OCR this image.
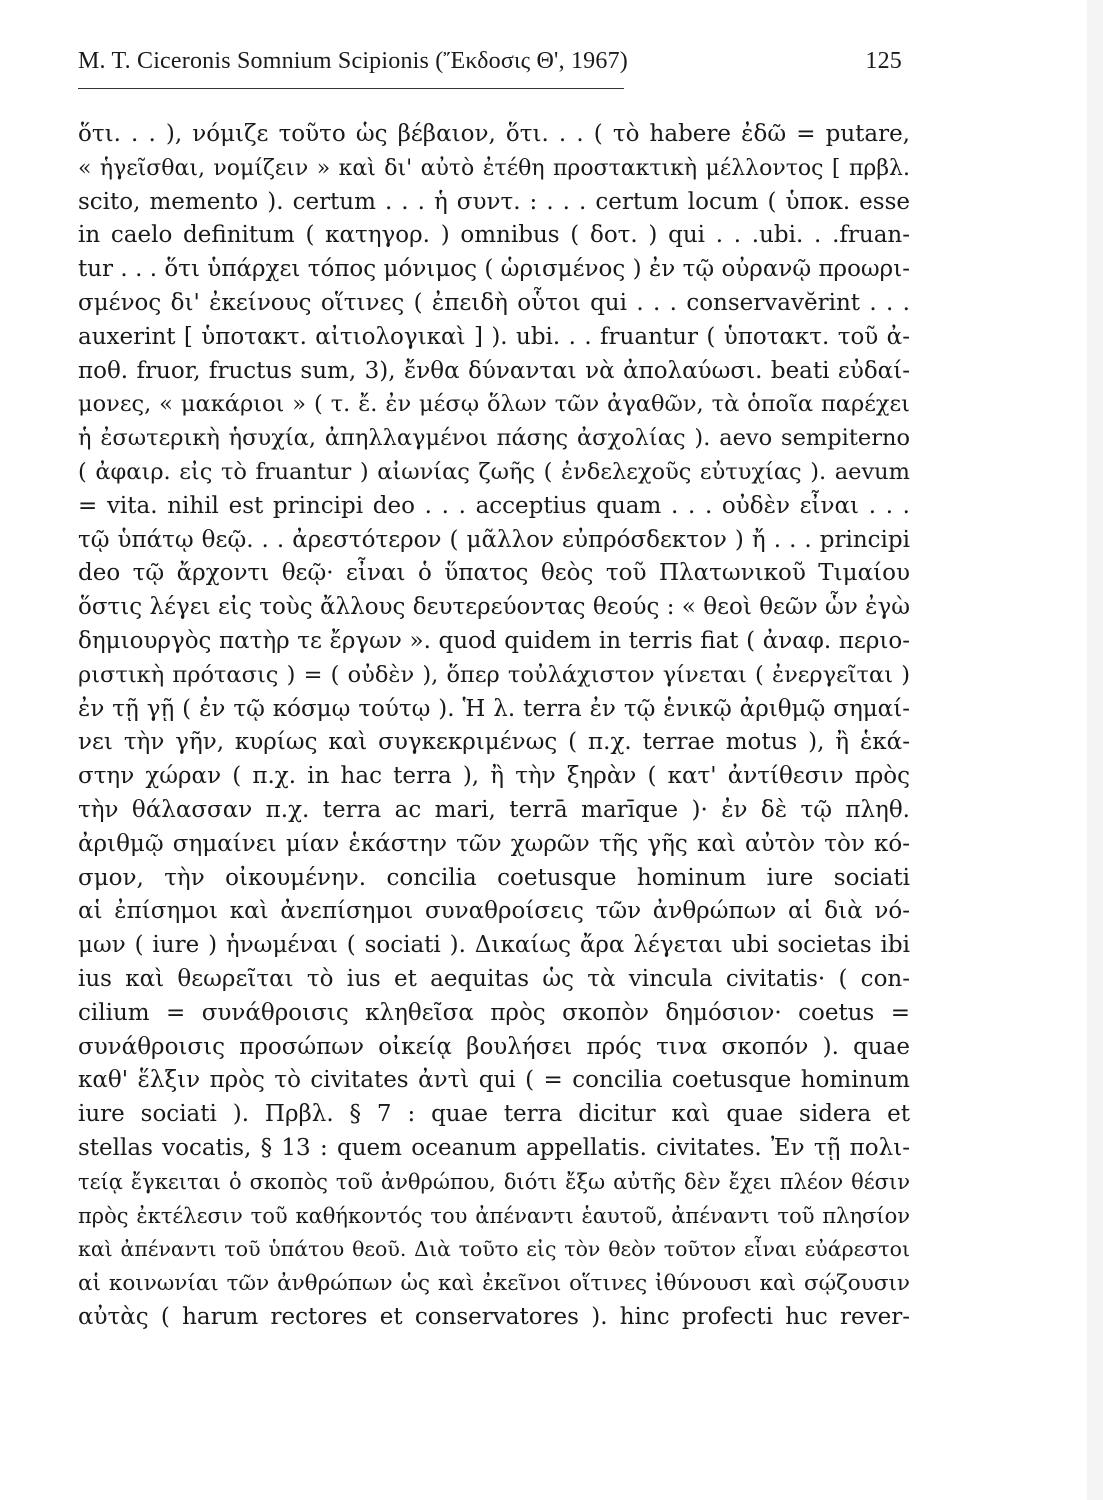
M. T. Ciceronis Somnium Scipionis (Ἔκδοσις Θ', 1967)	125
ὅτι. . . ), νόμιζε τοῦτο ὡς βέβαιον, ὅτι. . . ( τὸ habere ἐδῶ = putare,
« ἡγεῖσθαι, νομίζειν » καὶ δι' αὐτὸ ἐτέθη προστακτικὴ μέλλοντος [ πρβλ.
scito, memento ). certum . . . ἡ συντ. : . . . certum locum ( ὑποκ. esse
in caelo definitum ( κατηγορ. ) omnibus ( δοτ. ) qui . . .ubi. . .fruan-
tur . . . ὅτι ὑπάρχει τόπος μόνιμος ( ὡρισμένος ) ἐν τῷ οὐρανῷ προωρι-
σμένος δι' ἐκείνους οἵτινες ( ἐπειδὴ οὗτοι qui . . . conservavĕrint . . .
auxerint [ ὑποτακτ. αἰτιολογικαὶ ] ). ubi. . . fruantur ( ὑποτακτ. τοῦ ἀ-
ποθ. fruor, fructus sum, 3), ἔνθα δύνανται νὰ ἀπολαύωσι. beati εὐδαί-
μονες, « μακάριοι » ( τ. ἔ. ἐν μέσῳ ὅλων τῶν ἀγαθῶν, τὰ ὁποῖα παρέχει
ἡ ἐσωτερικὴ ἡσυχία, ἀπηλλαγμένοι πάσης ἀσχολίας ). aevo sempiterno
( ἀφαιρ. εἰς τὸ fruantur ) αἰωνίας ζωῆς ( ἐνδελεχοῦς εὐτυχίας ). aevum
= vita. nihil est principi deo . . . acceptius quam . . . οὐδὲν εἶναι . . .
τῷ ὑπάτῳ θεῷ. . . ἀρεστότερον ( μᾶλλον εὐπρόσδεκτον ) ἤ . . . principi
deo τῷ ἄρχοντι θεῷ· εἶναι ὁ ὕπατος θεὸς τοῦ Πλατωνικοῦ Τιμαίου
ὅστις λέγει εἰς τοὺς ἄλλους δευτερεύοντας θεούς : « θεοὶ θεῶν ὧν ἐγὼ
δημιουργὸς πατὴρ τε ἔργων ». quod quidem in terris fiat ( ἀναφ. περιο-
ριστικὴ πρότασις ) = ( οὐδὲν ), ὅπερ τοὐλάχιστον γίνεται ( ἐνεργεῖται )
ἐν τῇ γῇ ( ἐν τῷ κόσμῳ τούτῳ ). Ἡ λ. terra ἐν τῷ ἑνικῷ ἀριθμῷ σημαί-
νει τὴν γῆν, κυρίως καὶ συγκεκριμένως ( π.χ. terrae motus ), ἢ ἑκά-
στην χώραν ( π.χ. in hac terra ), ἢ τὴν ξηρὰν ( κατ' ἀντίθεσιν πρὸς
τὴν θάλασσαν π.χ. terra ac mari, terrā marīque )· ἐν δὲ τῷ πληθ.
ἀριθμῷ σημαίνει μίαν ἑκάστην τῶν χωρῶν τῆς γῆς καὶ αὐτὸν τὸν κό-
σμον, τὴν οἰκουμένην. concilia coetusque hominum iure sociati
αἱ ἐπίσημοι καὶ ἀνεπίσημοι συναθροίσεις τῶν ἀνθρώπων αἱ διὰ νό-
μων ( iure ) ἡνωμέναι ( sociati ). Δικαίως ἄρα λέγεται ubi societas ibi
ius καὶ θεωρεῖται τὸ ius et aequitas ὡς τὰ vincula civitatis· ( con-
cilium = συνάθροισις κληθεῖσα πρὸς σκοπὸν δημόσιον· coetus =
συνάθροισις προσώπων οἰκείᾳ βουλήσει πρός τινα σκοπόν ). quae
καθ' ἕλξιν πρὸς τὸ civitates ἀντὶ qui ( = concilia coetusque hominum
iure sociati ). Πρβλ. § 7 : quae terra dicitur καὶ quae sidera et
stellas vocatis, § 13 : quem oceanum appellatis. civitates. Ἐν τῇ πολι-
τείᾳ ἔγκειται ὁ σκοπὸς τοῦ ἀνθρώπου, διότι ἔξω αὐτῆς δὲν ἔχει πλέον θέσιν
πρὸς ἐκτέλεσιν τοῦ καθήκοντός του ἀπέναντι ἑαυτοῦ, ἀπέναντι τοῦ πλησίον
καὶ ἀπέναντι τοῦ ὑπάτου θεοῦ. Διὰ τοῦτο εἰς τὸν θεὸν τοῦτον εἶναι εὐάρεστοι
αἱ κοινωνίαι τῶν ἀνθρώπων ὡς καὶ ἐκεῖνοι οἵτινες ἰθύνουσι καὶ σῴζουσιν
αὐτὰς ( harum rectores et conservatores ). hinc profecti huc rever-
